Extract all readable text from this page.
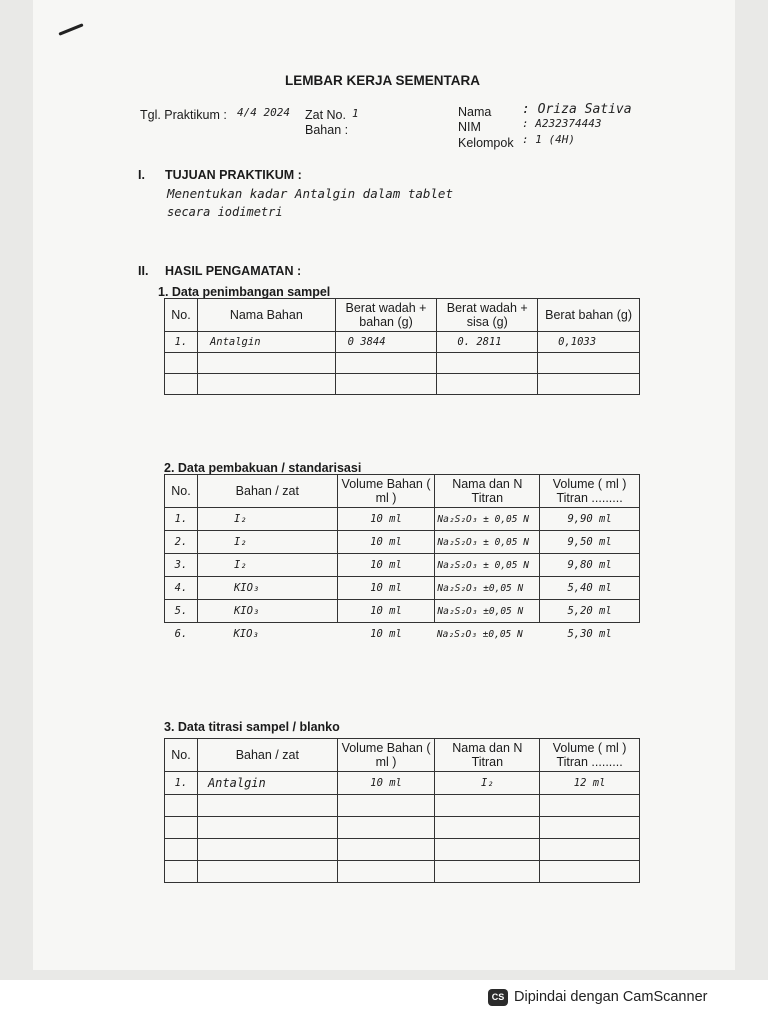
LEMBAR KERJA SEMENTARA
Tgl. Praktikum : 4/4 2024 Zat No. 1
Bahan :
Nama : Oriza Sativa
NIM	: A232374443
Kelompok : 1 (4H)
I. TUJUAN PRAKTIKUM :
Menentukan kadar Antalgin dalam tablet
secara iodimetri
II. HASIL PENGAMATAN :
1. Data penimbangan sampel
No.	Nama Bahan	Berat wadah + bahan (g)	Berat wadah + sisa (g)	Berat bahan (g)
1.	Antalgin	0 3844	0. 2811	0,1033

2. Data pembakuan / standarisasi
No.	Bahan / zat	Volume Bahan ( ml )	Nama dan N Titran	Volume ( ml ) Titran .........
1.	I₂	10 ml	Na₂S₂O₃ ± 0,05 N	9,90 ml
2.	I₂	10 ml	Na₂S₂O₃ ± 0,05 N	9,50 ml
3.	I₂	10 ml	Na₂S₂O₃ ± 0,05 N	9,80 ml
4.	KIO₃	10 ml	Na₂S₂O₃ ±0,05 N	5,40 ml
5.	KIO₃	10 ml	Na₂S₂O₃ ±0,05 N	5,20 ml
6.	KIO₃	10 ml	Na₂S₂O₃ ±0,05 N	5,30 ml
3. Data titrasi sampel / blanko
No.	Bahan / zat	Volume Bahan ( ml )	Nama dan N Titran	Volume ( ml ) Titran .........
1.	Antalgin	10 ml	I₂	12 ml

CS Dipindai dengan CamScanner
